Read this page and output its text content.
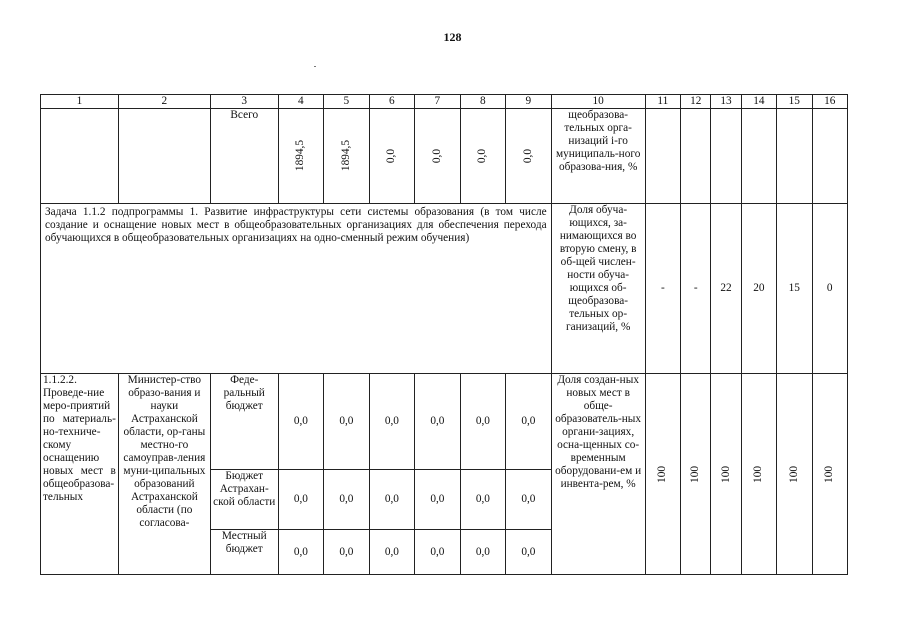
128
1	2	3	4	5	6	7	8	9	10	11	12	13	14	15	16
		Всего	1894,5	1894,5	0,0	0,0	0,0	0,0	щеобразова-тельных орга-низаций i-го муниципаль-ного образова-ния, %						
Задача 1.1.2 подпрограммы 1. Развитие инфраструктуры сети системы образования (в том числе создание и оснащение новых мест в общеобразовательных организациях для обеспечения перехода обучающихся в общеобразовательных организациях на одно-сменный режим обучения)									Доля обуча-ющихся, за-нимающихся во вторую смену, в об-щей числен-ности обуча-ющихся об-щеобразова-тельных ор-ганизаций, %	-	-	22	20	15	0
1.1.2.2. Проведе-ние меро-приятий по материаль-но-техниче-скому оснащению новых мест в общеобразова-тельных	Министер-ство образо-вания и науки Астраханской области, ор-ганы местно-го самоуправ-ления муни-ципальных образований Астраханской области (по согласова-	Феде-ральный бюджет	0,0	0,0	0,0	0,0	0,0	0,0	Доля создан-ных новых мест в обще-образователь-ных органи-зациях, осна-щенных со-временным оборудовани-ем и инвента-рем, %	100	100	100	100	100	100

		Бюджет Астрахан-ской области	0,0	0,0	0,0	0,0	0,0	0,0							
		Местный бюджет	0,0	0,0	0,0	0,0	0,0	0,0							
